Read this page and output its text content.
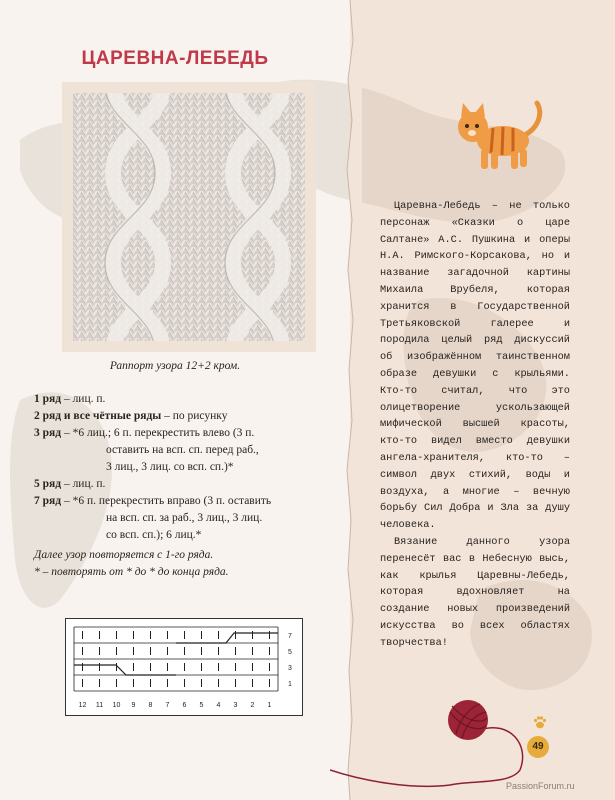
ЦАРЕВНА-ЛЕБЕДЬ
Раппорт узора 12+2 кром.
1 ряд – лиц. п.
2 ряд и все чётные ряды – по рисунку
3 ряд – *6 лиц.; 6 п. перекрестить влево (3 п.
оставить на всп. сп. перед раб.,
3 лиц., 3 лиц. со всп. сп.)*
5 ряд – лиц. п.
7 ряд – *6 п. перекрестить вправо (3 п. оставить
на всп. сп. за раб., 3 лиц., 3 лиц.
со всп. сп.); 6 лиц.*
Далее узор повторяется с 1-го ряда.
* – повторять от * до * до конца ряда.
7
5
3
1
12 11 10 9 8 7 6 5 4 3 2 1

Царевна-Лебедь – не только персонаж «Сказки о царе Салтане» А.С. Пушкина и оперы Н.А. Римского-Корсакова, но и название загадочной картины Михаила Врубеля, которая хранится в Государственной Третьяковской галерее и породила целый ряд дискуссий об изображённом таинственном образе девушки с крыльями. Кто-то считал, что это олицетворение ускользающей мифической высшей красоты, кто-то видел вместо девушки ангела-хранителя, кто-то – символ двух стихий, воды и воздуха, а многие – вечную борьбу Сил Добра и Зла за душу человека.

Вязание данного узора перенесёт вас в Небесную высь, как крылья Царевны-Лебедь, которая вдохновляет на создание новых произведений искусства во всех областях творчества!

49
PassionForum.ru
